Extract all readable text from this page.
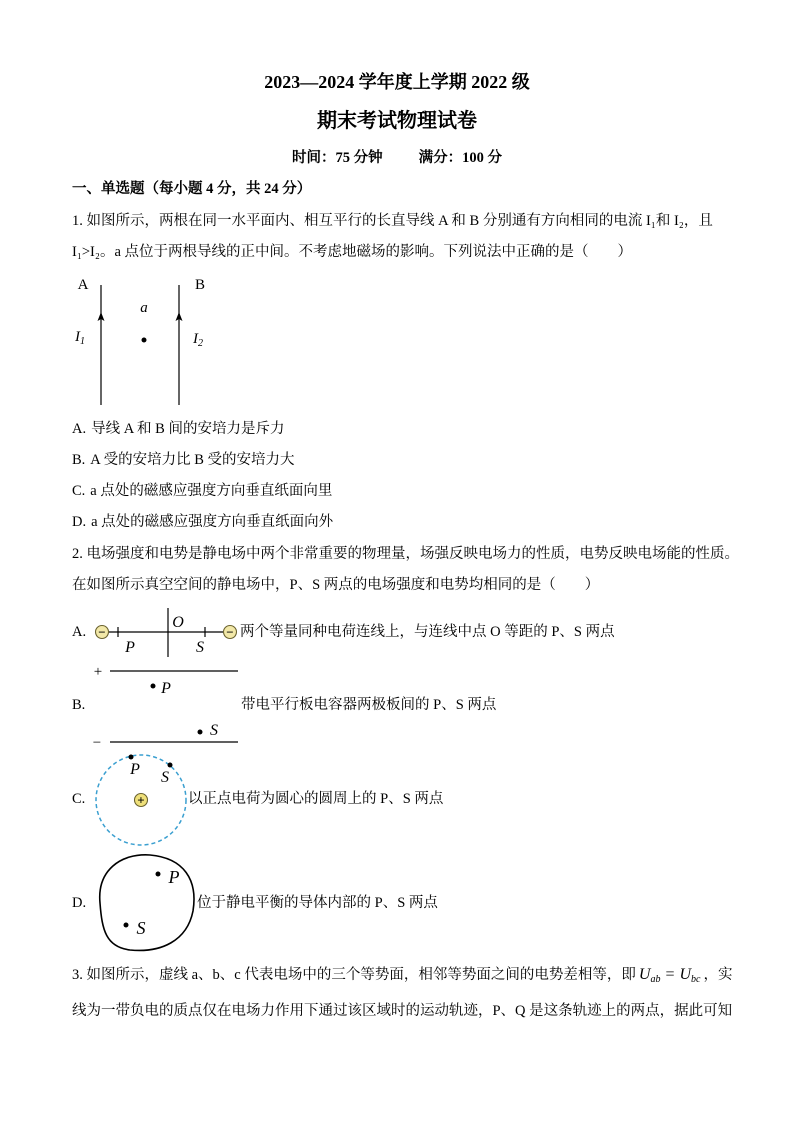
2023—2024 学年度上学期 2022 级
期末考试物理试卷
时间：75 分钟 满分：100 分
一、单选题（每小题 4 分，共 24 分）
1. 如图所示，两根在同一水平面内、相互平行的长直导线 A 和 B 分别通有方向相同的电流 I₁和 I₂，且
I₁>I₂。a 点位于两根导线的正中间。不考虑地磁场的影响。下列说法中正确的是（　　）
A	B
a
$I_1$	$I_2$
A. 导线 A 和 B 间的安培力是斥力
B. A 受的安培力比 B 受的安培力大
C. a 点处的磁感应强度方向垂直纸面向里
D. a 点处的磁感应强度方向垂直纸面向外
2. 电场强度和电势是静电场中两个非常重要的物理量，场强反映电场力的性质，电势反映电场能的性质。
在如图所示真空空间的静电场中，P、S 两点的电场强度和电势均相同的是（　　）
A. −	−
O
P	S
两个等量同种电荷连线上，与连线中点 O 等距的 P、S 两点
B.
+
P
S
−
带电平行板电容器两极板间的 P、S 两点
C.
P S
+	以正点电荷为圆心的圆周上的 P、S 两点
D.
P
S
位于静电平衡的导体内部的 P、S 两点
3. 如图所示，虚线 a、b、c 代表电场中的三个等势面，相邻等势面之间的电势差相等，即 $U_{ab} = U_{bc}$ ，实
线为一带负电的质点仅在电场力作用下通过该区域时的运动轨迹，P、Q 是这条轨迹上的两点，据此可知
